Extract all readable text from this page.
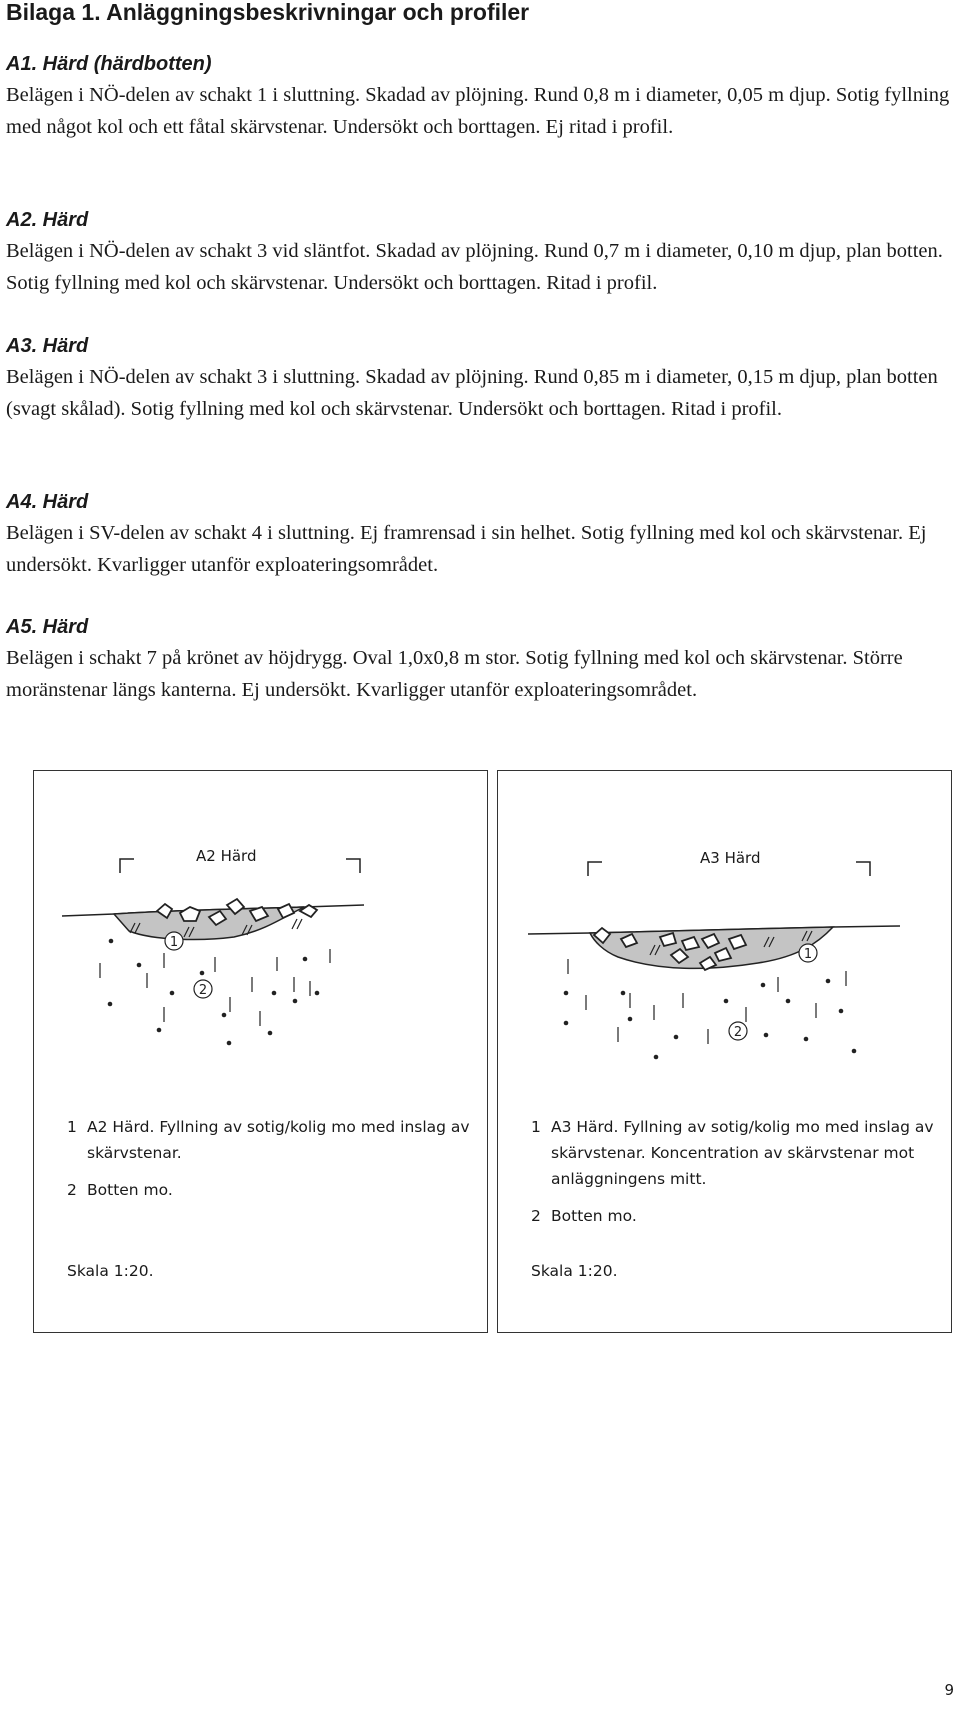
Bilaga 1. Anläggningsbeskrivningar och profiler
A1. Härd (härdbotten)

Belägen i NÖ-delen av schakt 1 i sluttning. Skadad av plöjning. Rund 0,8 m i diameter, 0,05 m djup. Sotig fyllning med något kol och ett fåtal skärvstenar. Undersökt och borttagen. Ej ritad i profil.

A2. Härd

Belägen i NÖ-delen av schakt 3 vid släntfot. Skadad av plöjning. Rund 0,7 m i diameter, 0,10 m djup, plan botten. Sotig fyllning med kol och skärvstenar. Undersökt och borttagen. Ritad i profil.

A3. Härd

Belägen i NÖ-delen av schakt 3 i sluttning. Skadad av plöjning. Rund 0,85 m i diameter, 0,15 m djup, plan botten (svagt skålad). Sotig fyllning med kol och skärvstenar. Undersökt och borttagen. Ritad i profil.

A4. Härd

Belägen i SV-delen av schakt 4 i sluttning. Ej framrensad i sin helhet. Sotig fyllning med kol och skärvstenar. Ej undersökt. Kvarligger utanför exploateringsområdet.

A5. Härd

Belägen i schakt 7 på krönet av höjdrygg. Oval 1,0x0,8 m stor. Sotig fyllning med kol och skärvstenar. Större moränstenar längs kanterna. Ej undersökt. Kvarligger utanför exploateringsområdet.

1
2
A2 Härd
1 A2 Härd. Fyllning av sotig/kolig mo med inslag av skärvstenar.
2 Botten mo.
Skala 1:20.
1
2
A3 Härd
1 A3 Härd. Fyllning av sotig/kolig mo med inslag av skärvstenar. Koncentration av skärvstenar mot anläggningens mitt.
2 Botten mo.
Skala 1:20.
9
